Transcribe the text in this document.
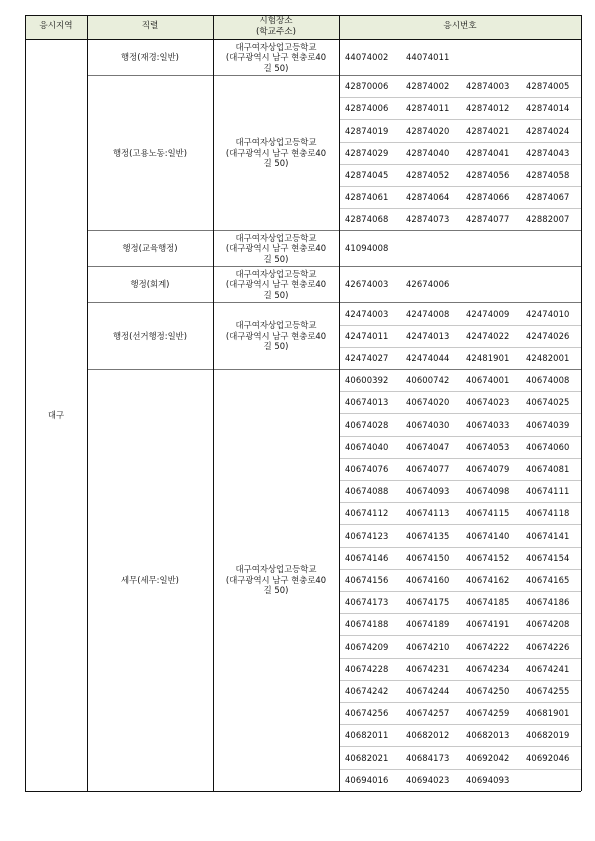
응시지역	직렬	시험장소
(학교주소)
응시번호
대구
행정(재경:일반)
대구여자상업고등학교
(대구광역시 남구 현충로40
길 50)
44074002 44074011
행정(고용노동:일반)
대구여자상업고등학교
(대구광역시 남구 현충로40
길 50)
42870006 42874002 42874003 42874005
42874006 42874011 42874012 42874014
42874019 42874020 42874021 42874024
42874029 42874040 42874041 42874043
42874045 42874052 42874056 42874058
42874061 42874064 42874066 42874067
42874068 42874073 42874077 42882007
행정(교육행정)
대구여자상업고등학교
(대구광역시 남구 현충로40
길 50)
41094008
행정(회계)
대구여자상업고등학교
(대구광역시 남구 현충로40
길 50)
42674003 42674006
행정(선거행정:일반)
대구여자상업고등학교
(대구광역시 남구 현충로40
길 50)
42474003 42474008 42474009 42474010
42474011 42474013 42474022 42474026
42474027 42474044 42481901 42482001
세무(세무:일반)
대구여자상업고등학교
(대구광역시 남구 현충로40
길 50)
40600392 40600742 40674001 40674008
40674013 40674020 40674023 40674025
40674028 40674030 40674033 40674039
40674040 40674047 40674053 40674060
40674076 40674077 40674079 40674081
40674088 40674093 40674098 40674111
40674112 40674113 40674115 40674118
40674123 40674135 40674140 40674141
40674146 40674150 40674152 40674154
40674156 40674160 40674162 40674165
40674173 40674175 40674185 40674186
40674188 40674189 40674191 40674208
40674209 40674210 40674222 40674226
40674228 40674231 40674234 40674241
40674242 40674244 40674250 40674255
40674256 40674257 40674259 40681901
40682011 40682012 40682013 40682019
40682021 40684173 40692042 40692046
40694016 40694023 40694093
